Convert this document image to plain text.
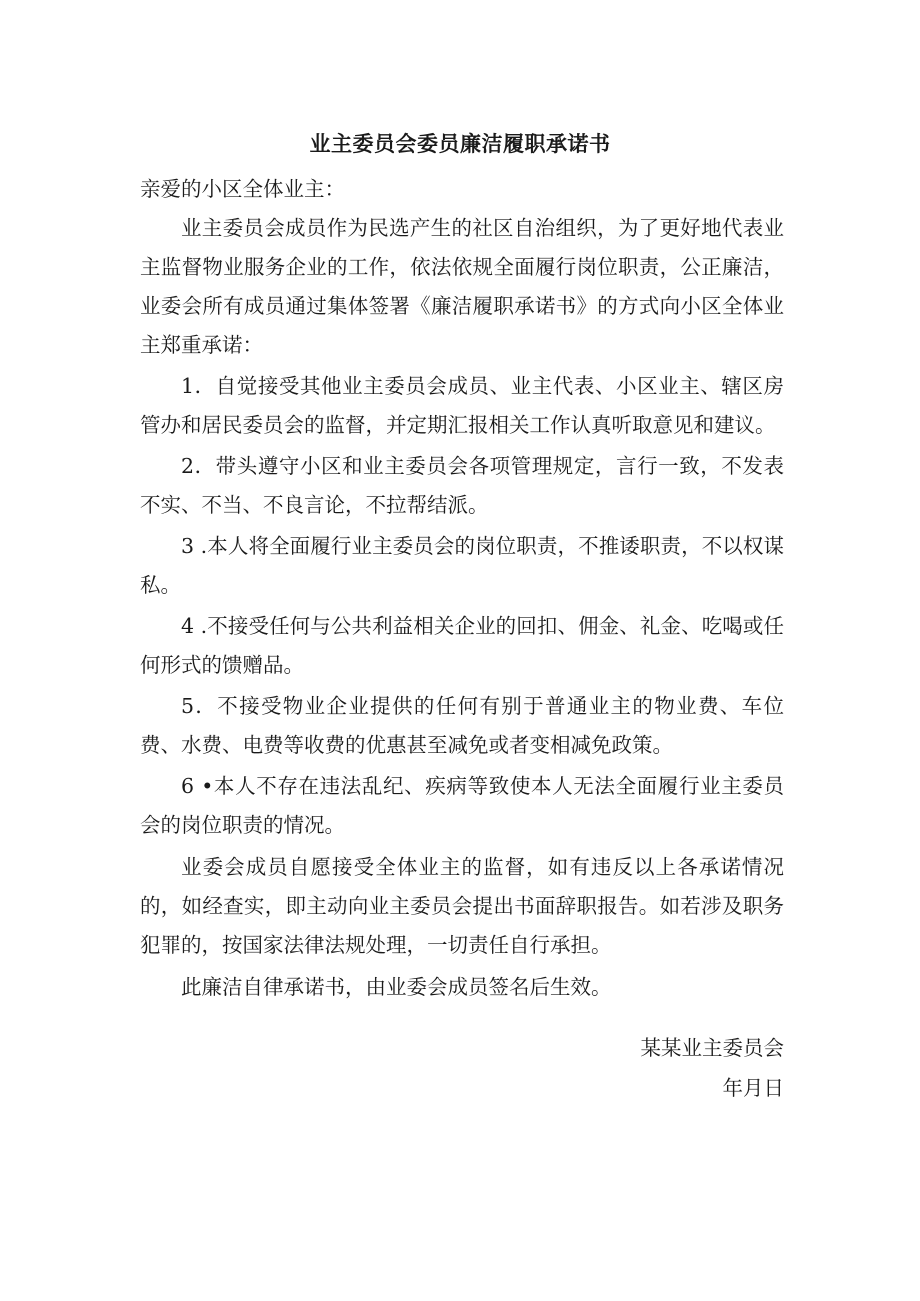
业主委员会委员廉洁履职承诺书

亲爱的小区全体业主：

业主委员会成员作为民选产生的社区自治组织，为了更好地代表业主监督物业服务企业的工作，依法依规全面履行岗位职责，公正廉洁，业委会所有成员通过集体签署《廉洁履职承诺书》的方式向小区全体业主郑重承诺：

1．自觉接受其他业主委员会成员、业主代表、小区业主、辖区房管办和居民委员会的监督，并定期汇报相关工作认真听取意见和建议。

2．带头遵守小区和业主委员会各项管理规定，言行一致，不发表不实、不当、不良言论，不拉帮结派。

3 .本人将全面履行业主委员会的岗位职责，不推诿职责，不以权谋私。

4 .不接受任何与公共利益相关企业的回扣、佣金、礼金、吃喝或任何形式的馈赠品。

5．不接受物业企业提供的任何有别于普通业主的物业费、车位费、水费、电费等收费的优惠甚至减免或者变相减免政策。

6 •本人不存在违法乱纪、疾病等致使本人无法全面履行业主委员会的岗位职责的情况。

业委会成员自愿接受全体业主的监督，如有违反以上各承诺情况的，如经查实，即主动向业主委员会提出书面辞职报告。如若涉及职务犯罪的，按国家法律法规处理，一切责任自行承担。

此廉洁自律承诺书，由业委会成员签名后生效。

某某业主委员会
年月日
